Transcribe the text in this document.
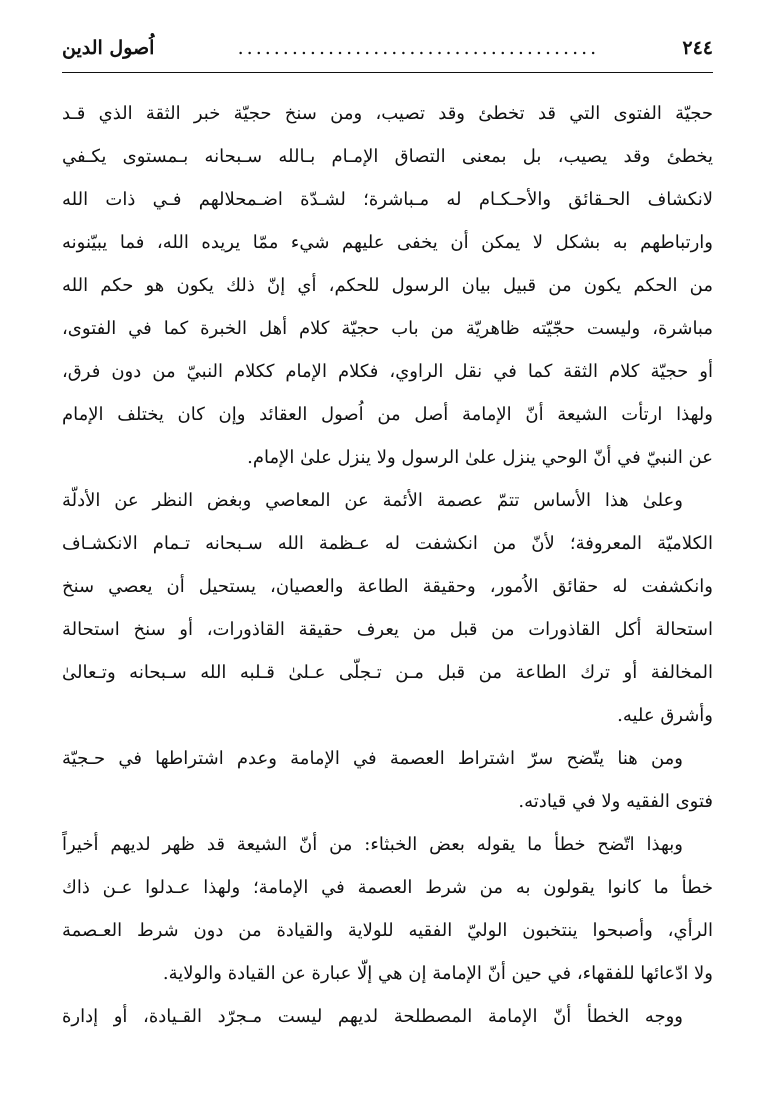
٢٤٤
........................................
اُصول الدين
حجيّة الفتوى التي قد تخطئ وقد تصيب، ومن سنخ حجيّة خبر الثقة الذي قـد
يخطئ وقد يصيب، بل بمعنى التصاق الإمـام بـالله سـبحانه بـمستوى يكـفي
لانكشاف الحـقائق والأحـكـام له مـباشرة؛ لشـدّة اضـمحلالهم فـي ذات الله
وارتباطهم به بشكل لا يمكن أن يخفى عليهم شيء ممّا يريده الله، فما يبيّنونه
من الحكم يكون من قبيل بيان الرسول للحكم، أي إنّ ذلك يكون هو حكم الله
مباشرة، وليست حجّيّته ظاهريّة من باب حجيّة كلام أهل الخبرة كما في الفتوى،
أو حجيّة كلام الثقة كما في نقل الراوي، فكلام الإمام ككلام النبيّ من دون فرق،
ولهذا ارتأت الشيعة أنّ الإمامة أصل من اُصول العقائد وإن كان يختلف الإمام
عن النبيّ في أنّ الوحي ينزل علىٰ الرسول ولا ينزل علىٰ الإمام.
وعلىٰ هذا الأساس تتمّ عصمة الأئمة عن المعاصي وبغض النظر عن الأدلّة
الكلاميّة المعروفة؛ لأنّ من انكشفت له عـظمة الله سـبحانه تـمام الانكشـاف
وانكشفت له حقائق الاُمور، وحقيقة الطاعة والعصيان، يستحيل أن يعصي سنخ
استحالة أكل القاذورات من قبل من يعرف حقيقة القاذورات، أو سنخ استحالة
المخالفة أو ترك الطاعة من قبل مـن تـجلّى عـلىٰ قـلبه الله سـبحانه وتـعالىٰ
وأشرق عليه.
ومن هنا يتّضح سرّ اشتراط العصمة في الإمامة وعدم اشتراطها في حـجيّة
فتوى الفقيه ولا في قيادته.
وبهذا اتّضح خطأ ما يقوله بعض الخبثاء: من أنّ الشيعة قد ظهر لديهم أخيراً
خطأ ما كانوا يقولون به من شرط العصمة في الإمامة؛ ولهذا عـدلوا عـن ذاك
الرأي، وأصبحوا ينتخبون الوليّ الفقيه للولاية والقيادة من دون شرط العـصمة
ولا ادّعائها للفقهاء، في حين أنّ الإمامة إن هي إلّا عبارة عن القيادة والولاية.
ووجه الخطأ أنّ الإمامة المصطلحة لديهم ليست مـجرّد القـيادة، أو إدارة
